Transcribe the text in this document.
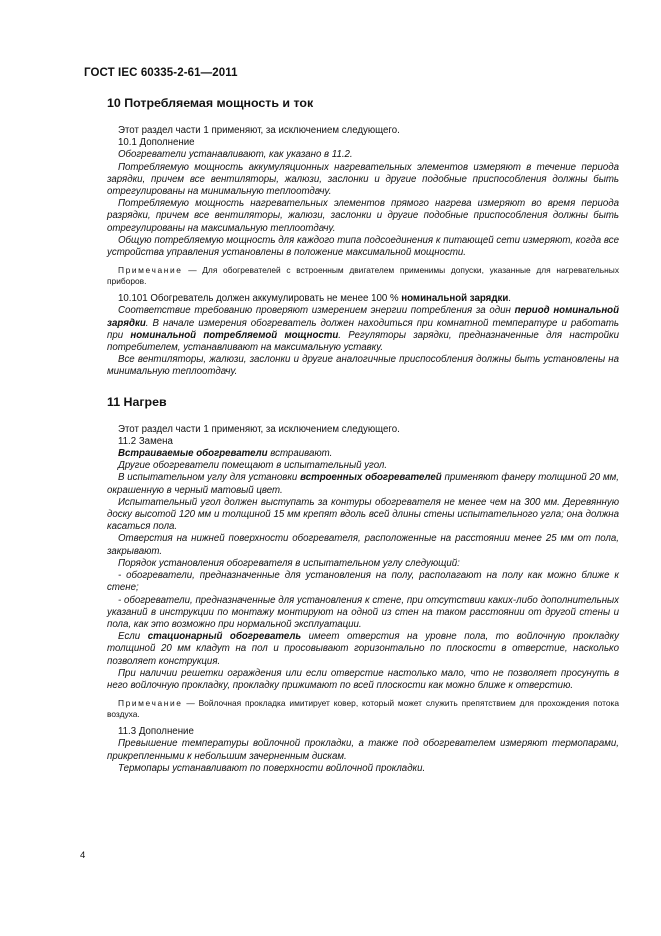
ГОСТ IEC 60335-2-61—2011
10 Потребляемая мощность и ток

Этот раздел части 1 применяют, за исключением следующего.

10.1 Дополнение

Обогреватели устанавливают, как указано в 11.2.

Потребляемую мощность аккумуляционных нагревательных элементов измеряют в течение периода зарядки, причем все вентиляторы, жалюзи, заслонки и другие подобные приспособления должны быть отрегулированы на минимальную теплоотдачу.

Потребляемую мощность нагревательных элементов прямого нагрева измеряют во время периода разрядки, причем все вентиляторы, жалюзи, заслонки и другие подобные приспособления должны быть отрегулированы на максимальную теплоотдачу.

Общую потребляемую мощность для каждого типа подсоединения к питающей сети измеряют, когда все устройства управления установлены в положение максимальной мощности.

Примечание — Для обогревателей с встроенным двигателем применимы допуски, указанные для нагревательных приборов.

10.101 Обогреватель должен аккумулировать не менее 100 % номинальной зарядки.

Соответствие требованию проверяют измерением энергии потребления за один период номинальной зарядки. В начале измерения обогреватель должен находиться при комнатной температуре и работать при номинальной потребляемой мощности. Регуляторы зарядки, предназначенные для настройки потребителем, устанавливают на максимальную уставку.

Все вентиляторы, жалюзи, заслонки и другие аналогичные приспособления должны быть установлены на минимальную теплоотдачу.

11 Нагрев

Этот раздел части 1 применяют, за исключением следующего.

11.2 Замена

Встраиваемые обогреватели встраивают.

Другие обогреватели помещают в испытательный угол.

В испытательном углу для установки встроенных обогревателей применяют фанеру толщиной 20 мм, окрашенную в черный матовый цвет.

Испытательный угол должен выступать за контуры обогревателя не менее чем на 300 мм. Деревянную доску высотой 120 мм и толщиной 15 мм крепят вдоль всей длины стены испытательного угла; она должна касаться пола.

Отверстия на нижней поверхности обогревателя, расположенные на расстоянии менее 25 мм от пола, закрывают.

Порядок установления обогревателя в испытательном углу следующий:

- обогреватели, предназначенные для установления на полу, располагают на полу как можно ближе к стене;

- обогреватели, предназначенные для установления к стене, при отсутствии каких-либо дополнительных указаний в инструкции по монтажу монтируют на одной из стен на таком расстоянии от другой стены и пола, как это возможно при нормальной эксплуатации.

Если стационарный обогреватель имеет отверстия на уровне пола, то войлочную прокладку толщиной 20 мм кладут на пол и просовывают горизонтально по плоскости в отверстие, насколько позволяет конструкция.

При наличии решетки ограждения или если отверстие настолько мало, что не позволяет просунуть в него войлочную прокладку, прокладку прижимают по всей плоскости как можно ближе к отверстию.

Примечание — Войлочная прокладка имитирует ковер, который может служить препятствием для прохождения потока воздуха.

11.3 Дополнение

Превышение температуры войлочной прокладки, а также под обогревателем измеряют термопарами, прикрепленными к небольшим зачерненным дискам.

Термопары устанавливают по поверхности войлочной прокладки.

4
